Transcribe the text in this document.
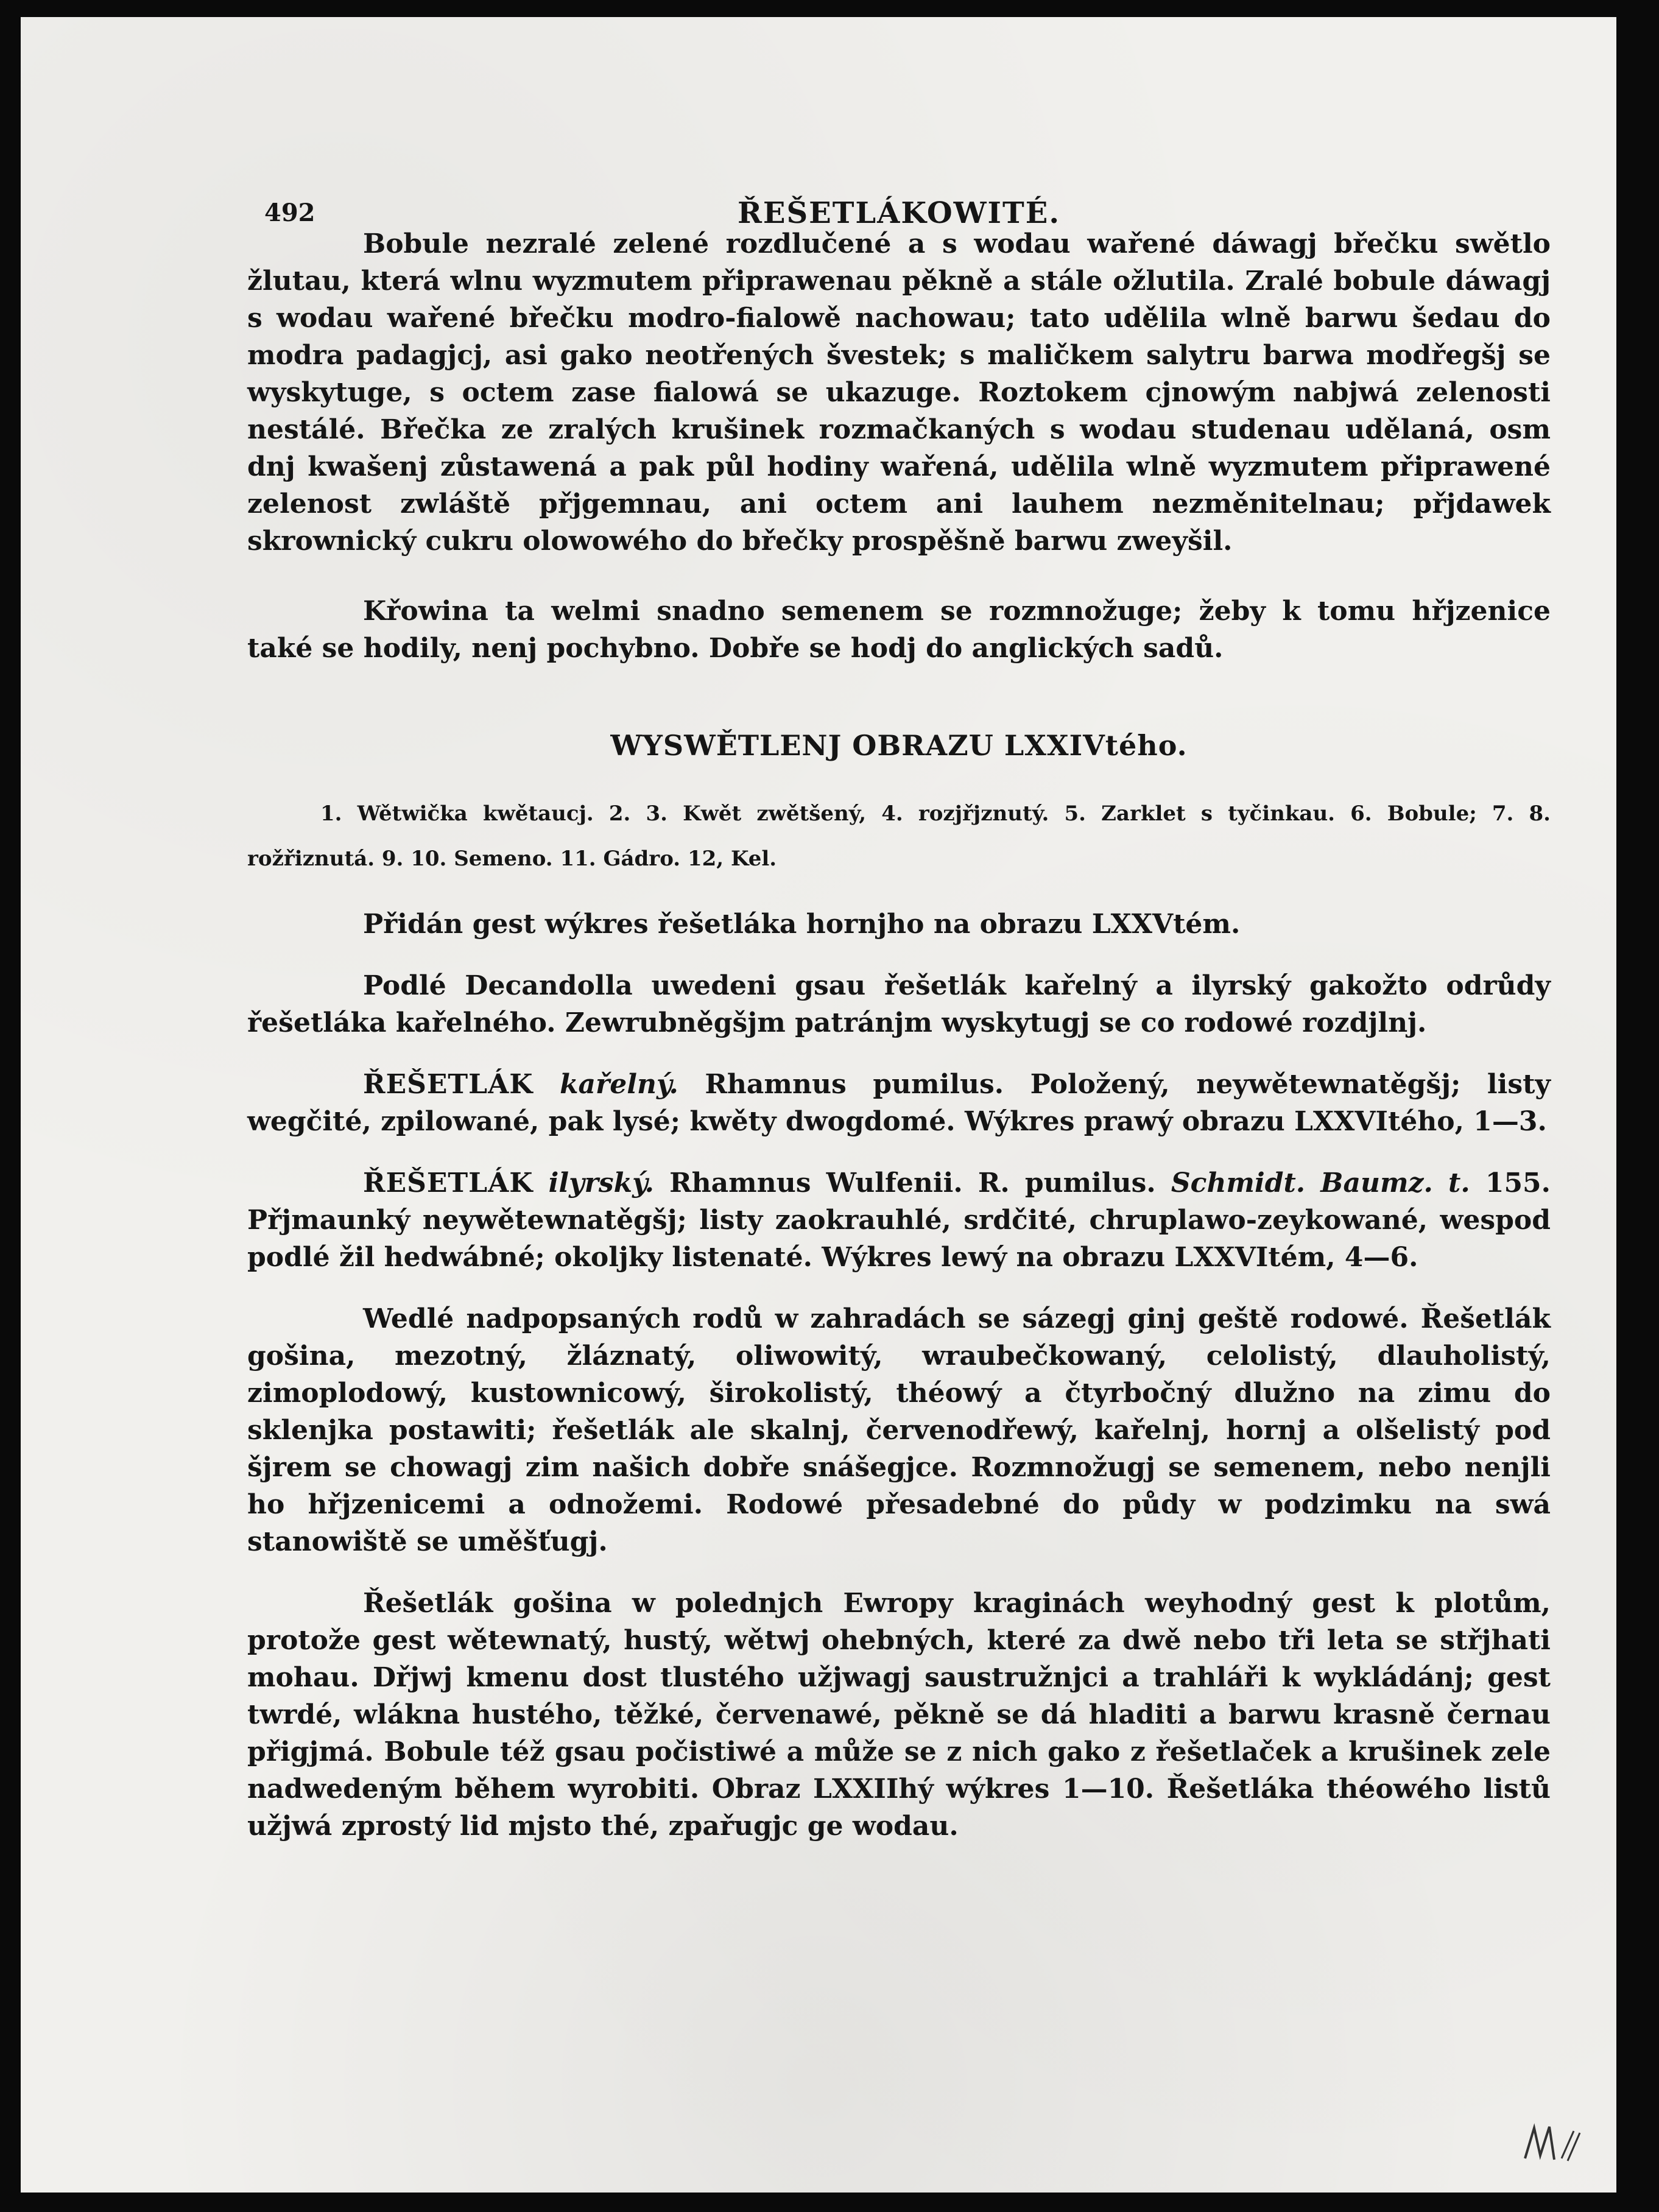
492	ŘEŠETLÁKOWITÉ.

Bobule nezralé zelené rozdlučené a s wodau wařené dáwagj břečku swětlo žlutau, která wlnu wyzmutem připrawenau pěkně a stále ožlutila. Zralé bobule dáwagj s wodau wařené břečku modro-fialowě nachowau; tato udělila wlně barwu šedau do modra padagjcj, asi gako neotřených švestek; s maličkem salytru barwa modřegšj se wyskytuge, s octem zase fialowá se ukazuge. Roztokem cjnowým nabjwá zelenosti nestálé. Břečka ze zralých krušinek rozmačkaných s wodau studenau udělaná, osm dnj kwašenj zůstawená a pak půl hodiny wařená, udělila wlně wyzmutem připrawené zelenost zwláště přjgemnau, ani octem ani lauhem nezměnitelnau; přjdawek skrownický cukru olowowého do břečky prospěšně barwu zweyšil.

Křowina ta welmi snadno semenem se rozmnožuge; žeby k tomu hřjzenice také se hodily, nenj pochybno. Dobře se hodj do anglických sadů.

WYSWĚTLENJ OBRAZU LXXIVtého.

1. Wětwička kwětaucj. 2. 3. Kwět zwětšený, 4. rozjřjznutý. 5. Zarklet s tyčinkau. 6. Bobule; 7. 8. rožřiznutá. 9. 10. Semeno. 11. Gádro. 12, Kel.

Přidán gest wýkres řešetláka hornjho na obrazu LXXVtém.

Podlé Decandolla uwedeni gsau řešetlák kařelný a ilyrský gakožto odrůdy řešetláka kařelného. Zewrubněgšjm patránjm wyskytugj se co rodowé rozdjlnj.

ŘEŠETLÁK kařelný. Rhamnus pumilus. Položený, neywětewnatěgšj; listy wegčité, zpilowané, pak lysé; kwěty dwogdomé. Wýkres prawý obrazu LXXVItého, 1—3.

ŘEŠETLÁK ilyrský. Rhamnus Wulfenii. R. pumilus. Schmidt. Baumz. t. 155. Přjmaunký neywětewnatěgšj; listy zaokrauhlé, srdčité, chruplawo-zeykowané, wespod podlé žil hedwábné; okoljky listenaté. Wýkres lewý na obrazu LXXVItém, 4—6.

Wedlé nadpopsaných rodů w zahradách se sázegj ginj geště rodowé. Řešetlák gošina, mezotný, žláznatý, oliwowitý, wraubečkowaný, celolistý, dlauholistý, zimoplodowý, kustownicowý, širokolistý, théowý a čtyrbočný dlužno na zimu do sklenjka postawiti; řešetlák ale skalnj, červenodřewý, kařelnj, hornj a olšelistý pod šjrem se chowagj zim našich dobře snášegjce. Rozmnožugj se semenem, nebo nenjli ho hřjzenicemi a odnožemi. Rodowé přesadebné do půdy w podzimku na swá stanowiště se uměšťugj.

Řešetlák gošina w polednjch Ewropy kraginách weyhodný gest k plotům, protože gest wětewnatý, hustý, wětwj ohebných, které za dwě nebo tři leta se střjhati mohau. Dřjwj kmenu dost tlustého užjwagj saustružnjci a trahláři k wykládánj; gest twrdé, wlákna hustého, těžké, červenawé, pěkně se dá hladiti a barwu krasně černau přigjmá. Bobule též gsau počistiwé a může se z nich gako z řešetlaček a krušinek zele nadwedeným během wyrobiti. Obraz LXXIIhý wýkres 1—10. Řešetláka théowého listů užjwá zprostý lid mjsto thé, zpařugjc ge wodau.
